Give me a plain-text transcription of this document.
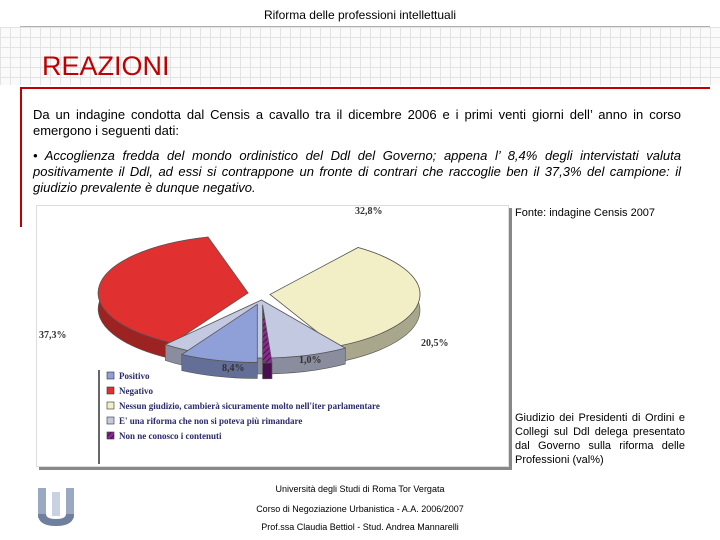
Riforma delle professioni intellettuali
REAZIONI

Da un indagine condotta dal Censis a cavallo tra il dicembre 2006 e i primi venti giorni dell’ anno in corso emergono i seguenti dati:

• Accoglienza fredda del mondo ordinistico del Ddl del Governo; appena l’ 8,4% degli intervistati valuta positivamente il Ddl, ad essi si contrappone un fronte di contrari che raccoglie ben il 37,3% del campione: il giudizio prevalente è dunque negativo.

8,4%
37,3%
32,8%
20,5%
1,0%
Positivo
Negativo
Nessun giudizio, cambierà sicuramente molto nell'iter parlamentare
E' una riforma che non si poteva più rimandare
Non ne conosco i contenuti
Fonte: indagine Censis 2007
Giudizio dei Presidenti di Ordini e Collegi sul Ddl delega presentato dal Governo sulla riforma delle Professioni (val%)
Università degli Studi di Roma Tor Vergata
Corso di Negoziazione Urbanistica - A.A. 2006/2007
Prof.ssa Claudia Bettiol - Stud. Andrea Mannarelli
